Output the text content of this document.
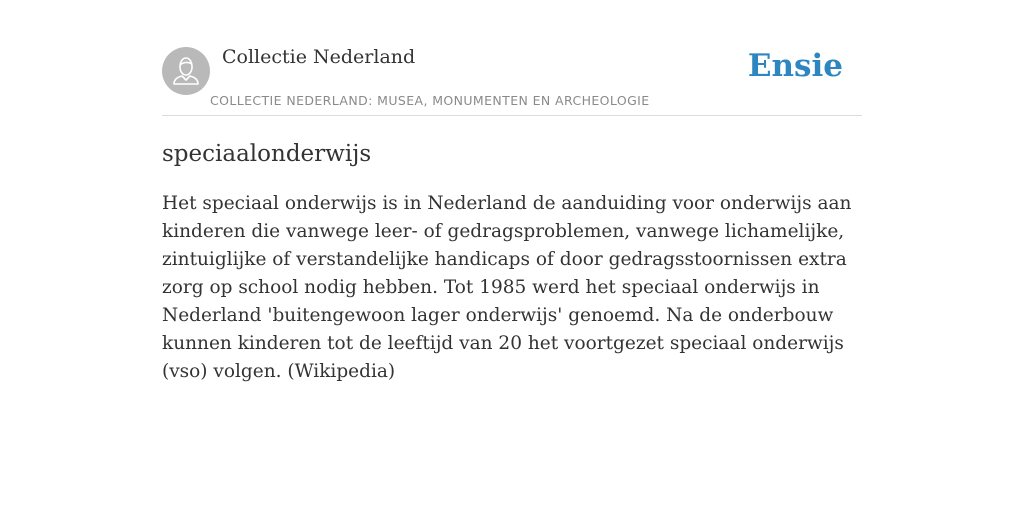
Collectie Nederland
COLLECTIE NEDERLAND: MUSEA, MONUMENTEN EN ARCHEOLOGIE
Ensie
speciaalonderwijs

Het speciaal onderwijs is in Nederland de aanduiding voor onderwijs aan kinderen die vanwege leer- of gedragsproblemen, vanwege lichamelijke, zintuiglijke of verstandelijke handicaps of door gedragsstoornissen extra zorg op school nodig hebben. Tot 1985 werd het speciaal onderwijs in Nederland 'buitengewoon lager onderwijs' genoemd. Na de onderbouw kunnen kinderen tot de leeftijd van 20 het voortgezet speciaal onderwijs (vso) volgen. (Wikipedia)
